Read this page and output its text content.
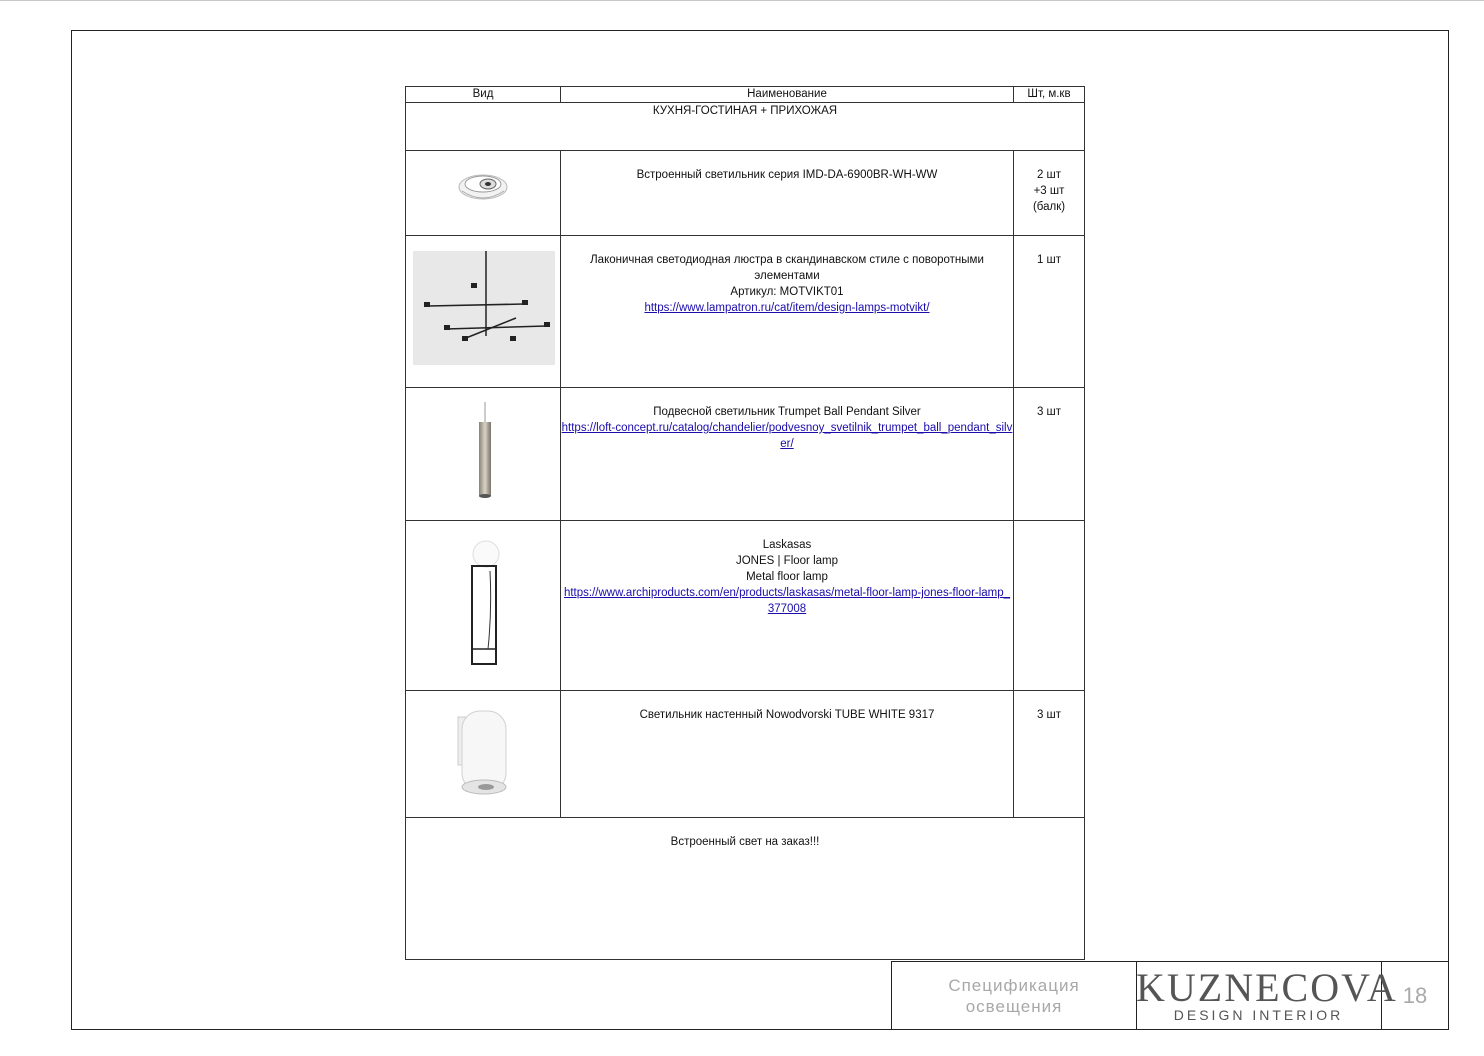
Вид	Наименование	Шт, м.кв
КУХНЯ-ГОСТИНАЯ + ПРИХОЖАЯ		

Встроенный светильник серия IMD-DA-6900BR-WH-WW	2 шт
+3 шт
(балк)

Лаконичная светодиодная люстра в скандинавском стиле с поворотными элементами
Артикул: MOTVIKT01
https://www.lampatron.ru/cat/item/design-lamps-motvikt/	1 шт

Подвесной светильник Trumpet Ball Pendant Silver
https://loft-concept.ru/catalog/chandelier/podvesnoy_svetilnik_trumpet_ball_pendant_silver/	3 шт

Laskasas
JONES | Floor lamp
Metal floor lamp
https://www.archiproducts.com/en/products/laskasas/metal-floor-lamp-jones-floor-lamp_377008	

Светильник настенный Nowodvorski TUBE WHITE 9317	3 шт

Встроенный свет на заказ!!!		
Спецификация
освещения KUZNECOVA
DESIGN INTERIOR
18
